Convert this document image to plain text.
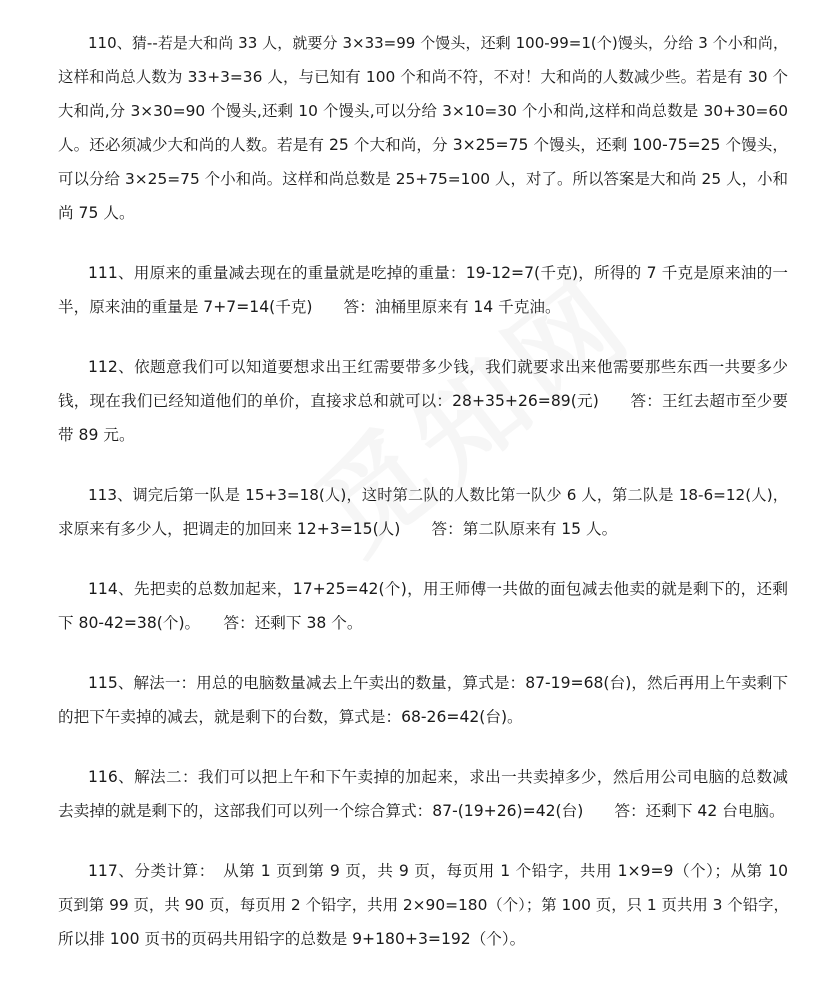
110、猜--若是大和尚 33 人，就要分 3×33=99 个馒头，还剩 100-99=1(个)馒头，分给 3 个小和尚，
这样和尚总人数为 33+3=36 人，与已知有 100 个和尚不符，不对！大和尚的人数减少些。若是有 30 个
大和尚,分 3×30=90 个馒头,还剩 10 个馒头,可以分给 3×10=30 个小和尚,这样和尚总数是 30+30=60
人。还必须减少大和尚的人数。若是有 25 个大和尚，分 3×25=75 个馒头，还剩 100-75=25 个馒头，
可以分给 3×25=75 个小和尚。这样和尚总数是 25+75=100 人，对了。所以答案是大和尚 25 人，小和
尚 75 人。
111、用原来的重量减去现在的重量就是吃掉的重量：19-12=7(千克)，所得的 7 千克是原来油的一
半，原来油的重量是 7+7=14(千克)　　答：油桶里原来有 14 千克油。
112、依题意我们可以知道要想求出王红需要带多少钱，我们就要求出来他需要那些东西一共要多少
钱，现在我们已经知道他们的单价，直接求总和就可以：28+35+26=89(元)　　答：王红去超市至少要
带 89 元。
113、调完后第一队是 15+3=18(人)，这时第二队的人数比第一队少 6 人，第二队是 18-6=12(人)，
求原来有多少人，把调走的加回来 12+3=15(人)　　答：第二队原来有 15 人。
114、先把卖的总数加起来，17+25=42(个)，用王师傅一共做的面包减去他卖的就是剩下的，还剩
下 80-42=38(个)。　　答：还剩下 38 个。
115、解法一：用总的电脑数量减去上午卖出的数量，算式是：87-19=68(台)，然后再用上午卖剩下
的把下午卖掉的减去，就是剩下的台数，算式是：68-26=42(台)。
116、解法二：我们可以把上午和下午卖掉的加起来，求出一共卖掉多少，然后用公司电脑的总数减
去卖掉的就是剩下的，这部我们可以列一个综合算式：87-(19+26)=42(台)　　答：还剩下 42 台电脑。
117、分类计算：　从第 1 页到第 9 页，共 9 页，每页用 1 个铅字，共用 1×9=9（个）；从第 10
页到第 99 页，共 90 页，每页用 2 个铅字，共用 2×90=180（个）；第 100 页，只 1 页共用 3 个铅字，
所以排 100 页书的页码共用铅字的总数是 9+180+3=192（个）。
